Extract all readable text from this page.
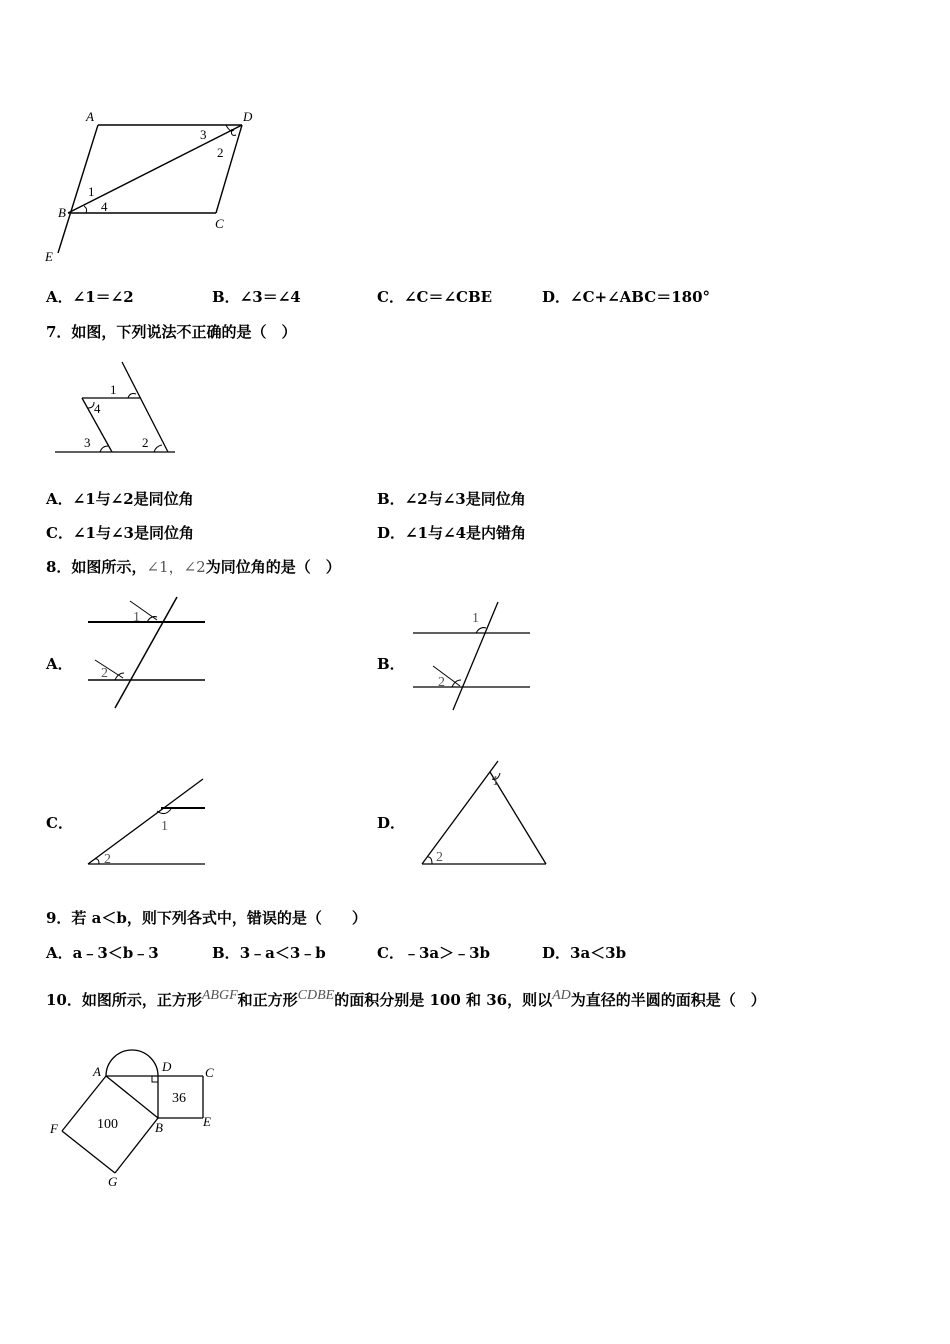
A	D
B
C
E
1
2
3
4
A．∠1＝∠2	B．∠3＝∠4	C．∠C＝∠CBE	D．∠C+∠ABC＝180°
7．如图，下列说法不正确的是（　）
1
4
3	2
A．∠1与∠2是同位角	B．∠2与∠3是同位角
C．∠1与∠3是同位角	D．∠1与∠4是内错角
8．如图所示，∠1，∠2为同位角的是（　）
A．
1
2
B．
1
2
C．	1
2
D．
1
2
9．若 a＜b，则下列各式中，错误的是（　　）
A．a﹣3＜b﹣3	B．3﹣a＜3﹣b	C．﹣3a＞﹣3b	D．3a＜3b
10．如图所示，正方形ABGF和正方形CDBE的面积分别是 100 和 36，则以AD为直径的半圆的面积是（　）
A	D	C
E
B
F
G
100
36
